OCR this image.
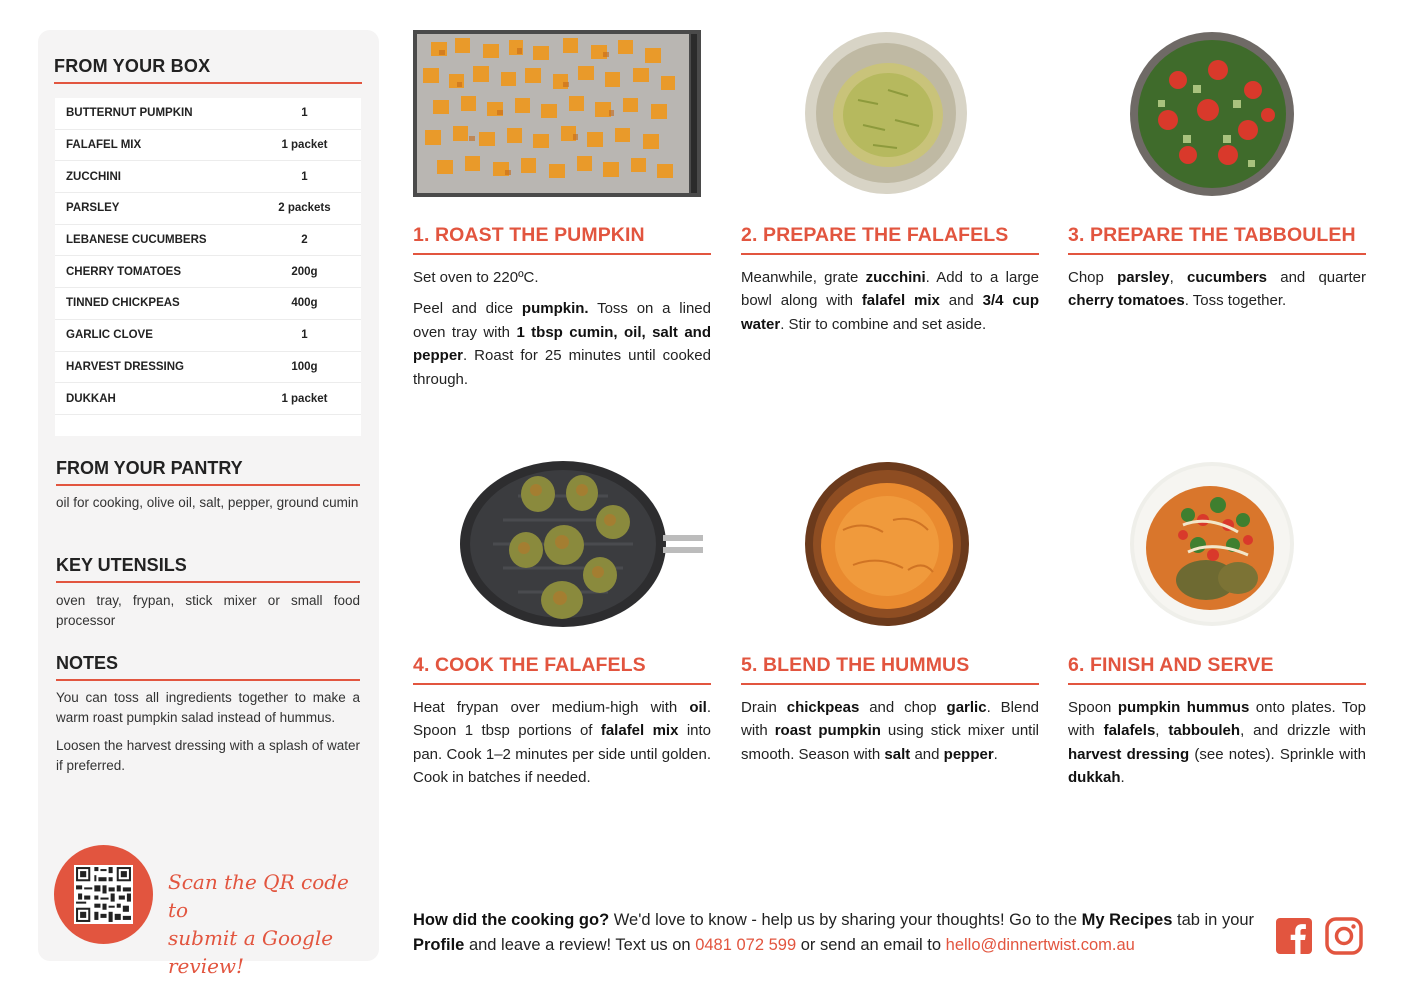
FROM YOUR BOX
BUTTERNUT PUMPKIN	1
FALAFEL MIX	1 packet
ZUCCHINI	1
PARSLEY	2 packets
LEBANESE CUCUMBERS	2
CHERRY TOMATOES	200g
TINNED CHICKPEAS	400g
GARLIC CLOVE	1
HARVEST DRESSING	100g
DUKKAH	1 packet
FROM YOUR PANTRY
oil for cooking, olive oil, salt, pepper, ground cumin
KEY UTENSILS
oven tray, frypan, stick mixer or small food processor
NOTES
You can toss all ingredients together to make a warm roast pumpkin salad instead of hummus.
Loosen the harvest dressing with a splash of water if preferred.
Scan the QR code to
submit a Google review!
1. ROAST THE PUMPKIN

Set oven to 220ºC.

Peel and dice pumpkin. Toss on a lined oven tray with 1 tbsp cumin, oil, salt and pepper. Roast for 25 minutes until cooked through.

2. PREPARE THE FALAFELS

Meanwhile, grate zucchini. Add to a large bowl along with falafel mix and 3/4 cup water. Stir to combine and set aside.

3. PREPARE THE TABBOULEH

Chop parsley, cucumbers and quarter cherry tomatoes. Toss together.

4. COOK THE FALAFELS

Heat frypan over medium-high with oil. Spoon 1 tbsp portions of falafel mix into pan. Cook 1–2 minutes per side until golden. Cook in batches if needed.

5. BLEND THE HUMMUS

Drain chickpeas and chop garlic. Blend with roast pumpkin using stick mixer until smooth. Season with salt and pepper.

6. FINISH AND SERVE

Spoon pumpkin hummus onto plates. Top with falafels, tabbouleh, and drizzle with harvest dressing (see notes). Sprinkle with dukkah.

How did the cooking go? We'd love to know - help us by sharing your thoughts! Go to the My Recipes tab in your Profile and leave a review! Text us on 0481 072 599 or send an email to hello@dinnertwist.com.au
